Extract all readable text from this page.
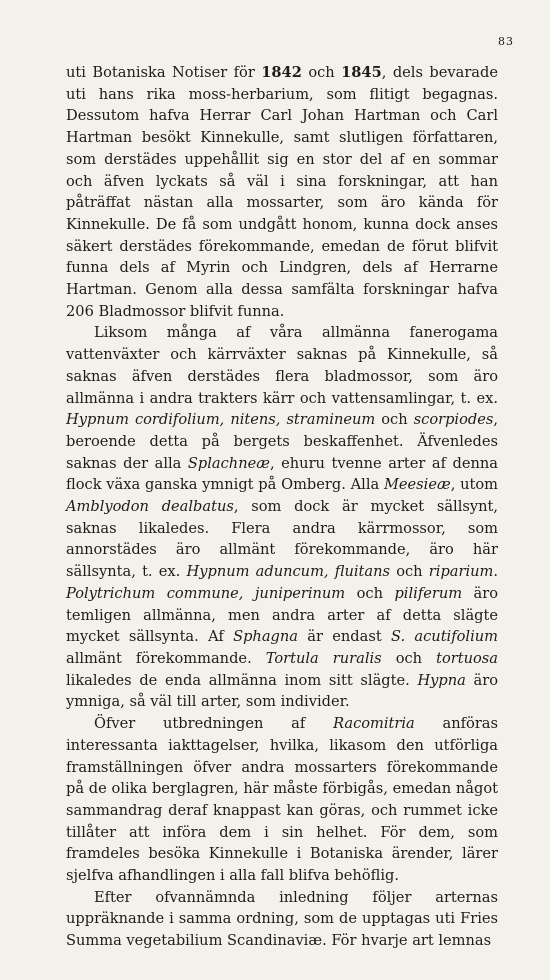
83

uti Botaniska Notiser för 1842 och 1845, dels bevarade uti hans rika moss-herbarium, som flitigt begagnas. Dessutom hafva Herrar Carl Johan Hartman och Carl Hartman besökt Kinnekulle, samt slutligen författaren, som derstädes uppehållit sig en stor del af en sommar och äfven lyckats så väl i sina forskningar, att han påträffat nästan alla mossarter, som äro kända för Kinnekulle. De få som undgått honom, kunna dock anses säkert derstädes förekommande, emedan de förut blifvit funna dels af Myrin och Lindgren, dels af Herrarne Hartman. Genom alla dessa samfälta forskningar hafva 206 Bladmossor blifvit funna.

Liksom många af våra allmänna fanerogama vattenväxter och kärrväxter saknas på Kinnekulle, så saknas äfven derstädes flera bladmossor, som äro allmänna i andra trakters kärr och vattensamlingar, t. ex. Hypnum cordifolium, nitens, stramineum och scorpiodes, beroende detta på bergets beskaffenhet. Äfvenledes saknas der alla Splachneæ, ehuru tvenne arter af denna flock växa ganska ymnigt på Omberg. Alla Meesieæ, utom Amblyodon dealbatus, som dock är mycket sällsynt, saknas likaledes. Flera andra kärrmossor, som annorstädes äro allmänt förekommande, äro här sällsynta, t. ex. Hypnum aduncum, fluitans och riparium. Polytrichum commune, juniperinum och piliferum äro temligen allmänna, men andra arter af detta slägte mycket sällsynta. Af Sphagna är endast S. acutifolium allmänt förekommande. Tortula ruralis och tortuosa likaledes de enda allmänna inom sitt slägte. Hypna äro ymniga, så väl till arter, som individer.

Öfver utbredningen af Racomitria anföras interessanta iakttagelser, hvilka, likasom den utförliga framställningen öfver andra mossarters förekommande på de olika berglagren, här måste förbigås, emedan något sammandrag deraf knappast kan göras, och rummet icke tillåter att införa dem i sin helhet. För dem, som framdeles besöka Kinnekulle i Botaniska ärender, lärer sjelfva afhandlingen i alla fall blifva behöflig.

Efter ofvannämnda inledning följer arternas uppräknande i samma ordning, som de upptagas uti Fries Summa vegetabilium Scandinaviæ. För hvarje art lemnas
